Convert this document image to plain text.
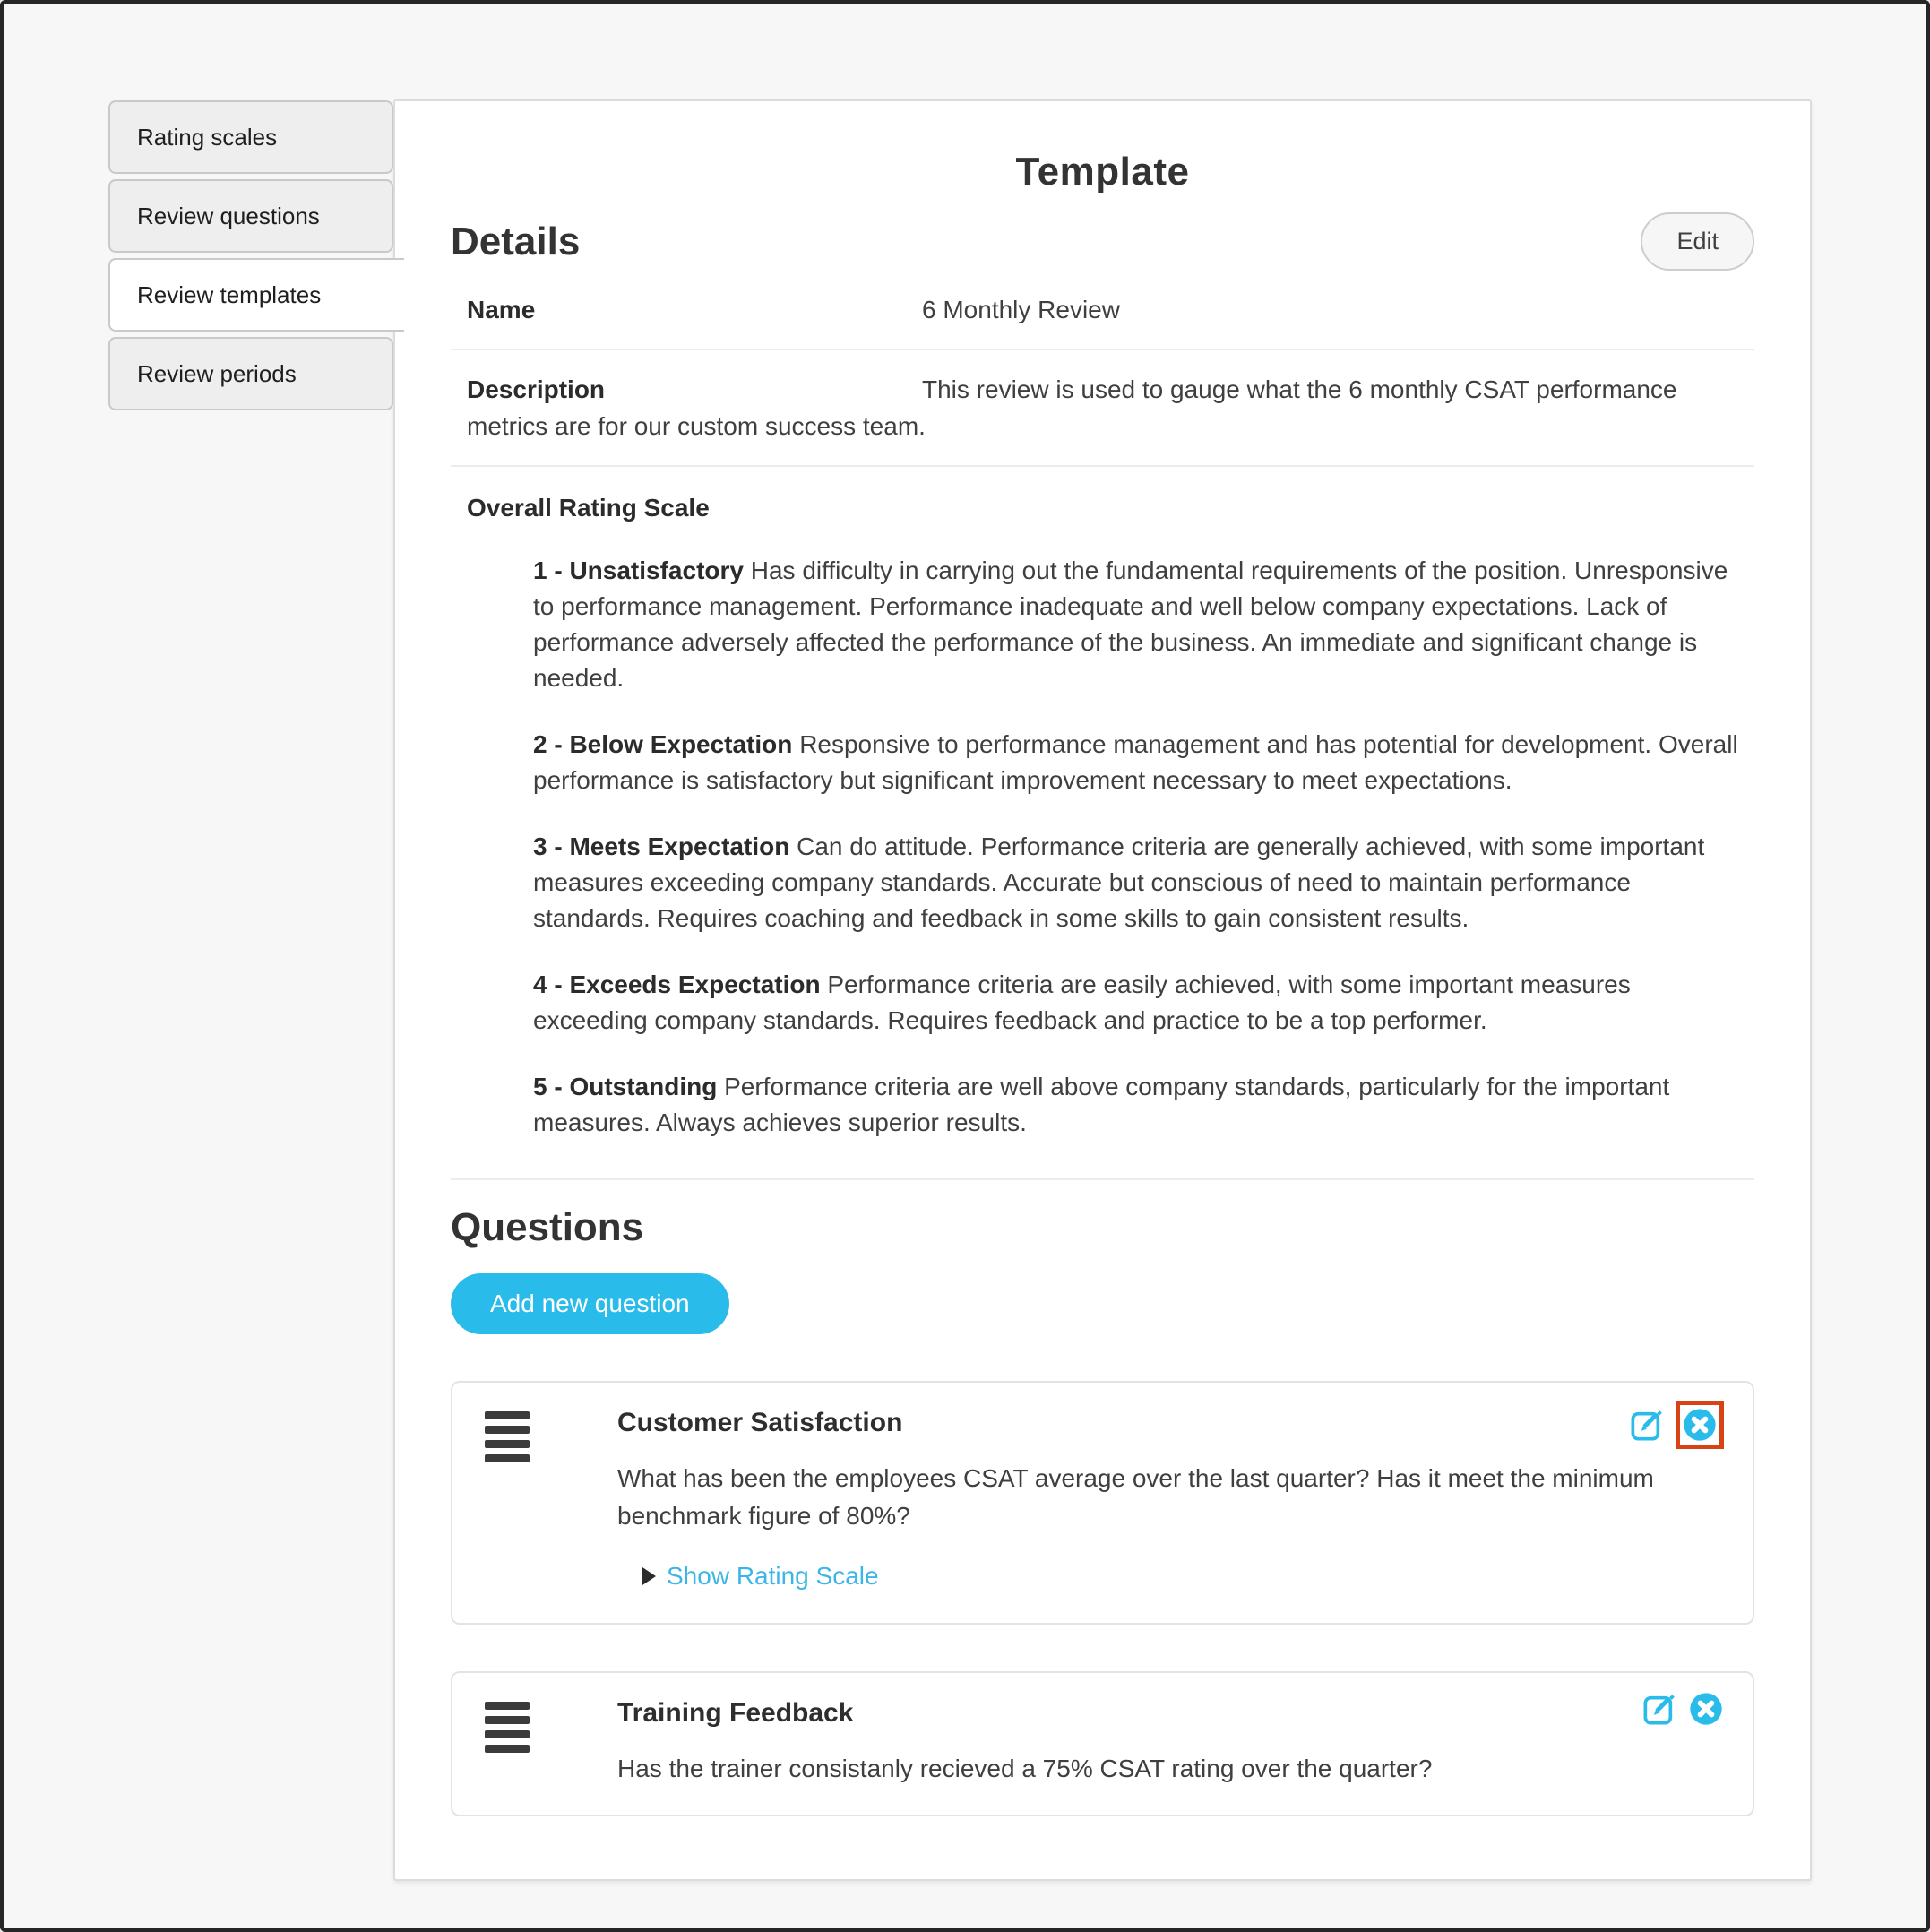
Rating scales
Review questions
Review templates
Review periods
Template
Details	Edit
Name	6 Monthly Review
Description	This review is used to gauge what the 6 monthly CSAT performance metrics are for our custom success team.
Overall Rating Scale

1 - Unsatisfactory Has difficulty in carrying out the fundamental requirements of the position. Unresponsive to performance management. Performance inadequate and well below company expectations. Lack of performance adversely affected the performance of the business. An immediate and significant change is needed.

2 - Below Expectation Responsive to performance management and has potential for development. Overall performance is satisfactory but significant improvement necessary to meet expectations.

3 - Meets Expectation Can do attitude. Performance criteria are generally achieved, with some important measures exceeding company standards. Accurate but conscious of need to maintain performance standards. Requires coaching and feedback in some skills to gain consistent results.

4 - Exceeds Expectation Performance criteria are easily achieved, with some important measures exceeding company standards. Requires feedback and practice to be a top performer.

5 - Outstanding Performance criteria are well above company standards, particularly for the important measures. Always achieves superior results.

Questions
Add new question
Customer Satisfaction
What has been the employees CSAT average over the last quarter? Has it meet the minimum benchmark figure of 80%?
Show Rating Scale
Training Feedback
Has the trainer consistanly recieved a 75% CSAT rating over the quarter?
